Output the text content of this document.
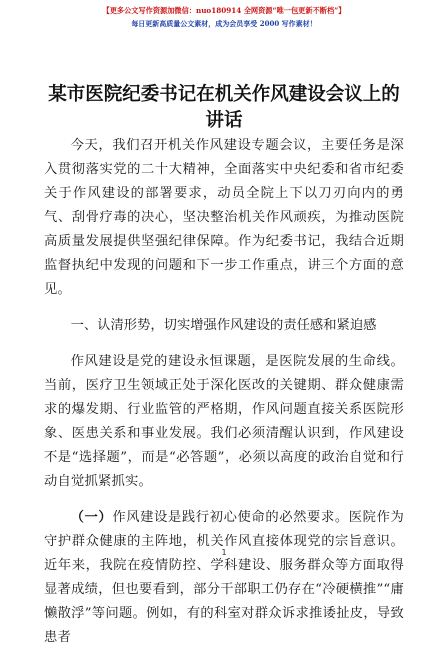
【更多公文写作资源加微信：nuo180914 全网资源“唯一包更新不断档”】
每日更新高质量公文素材，成为会员享受 2000 写作素材！
某市医院纪委书记在机关作风建设会议上的讲话

今天，我们召开机关作风建设专题会议，主要任务是深入贯彻落实党的二十大精神，全面落实中央纪委和省市纪委关于作风建设的部署要求，动员全院上下以刀刃向内的勇气、刮骨疗毒的决心，坚决整治机关作风顽疾，为推动医院高质量发展提供坚强纪律保障。作为纪委书记，我结合近期监督执纪中发现的问题和下一步工作重点，讲三个方面的意见。

一、认清形势，切实增强作风建设的责任感和紧迫感

作风建设是党的建设永恒课题，是医院发展的生命线。当前，医疗卫生领域正处于深化医改的关键期、群众健康需求的爆发期、行业监管的严格期，作风问题直接关系医院形象、医患关系和事业发展。我们必须清醒认识到，作风建设不是“选择题”，而是“必答题”，必须以高度的政治自觉和行动自觉抓紧抓实。

（一）作风建设是践行初心使命的必然要求。医院作为守护群众健康的主阵地，机关作风直接体现党的宗旨意识。近年来，我院在疫情防控、学科建设、服务群众等方面取得显著成绩，但也要看到，部分干部职工仍存在“冷硬横推”“庸懒散浮”等问题。例如，有的科室对群众诉求推诿扯皮，导致患者

1
